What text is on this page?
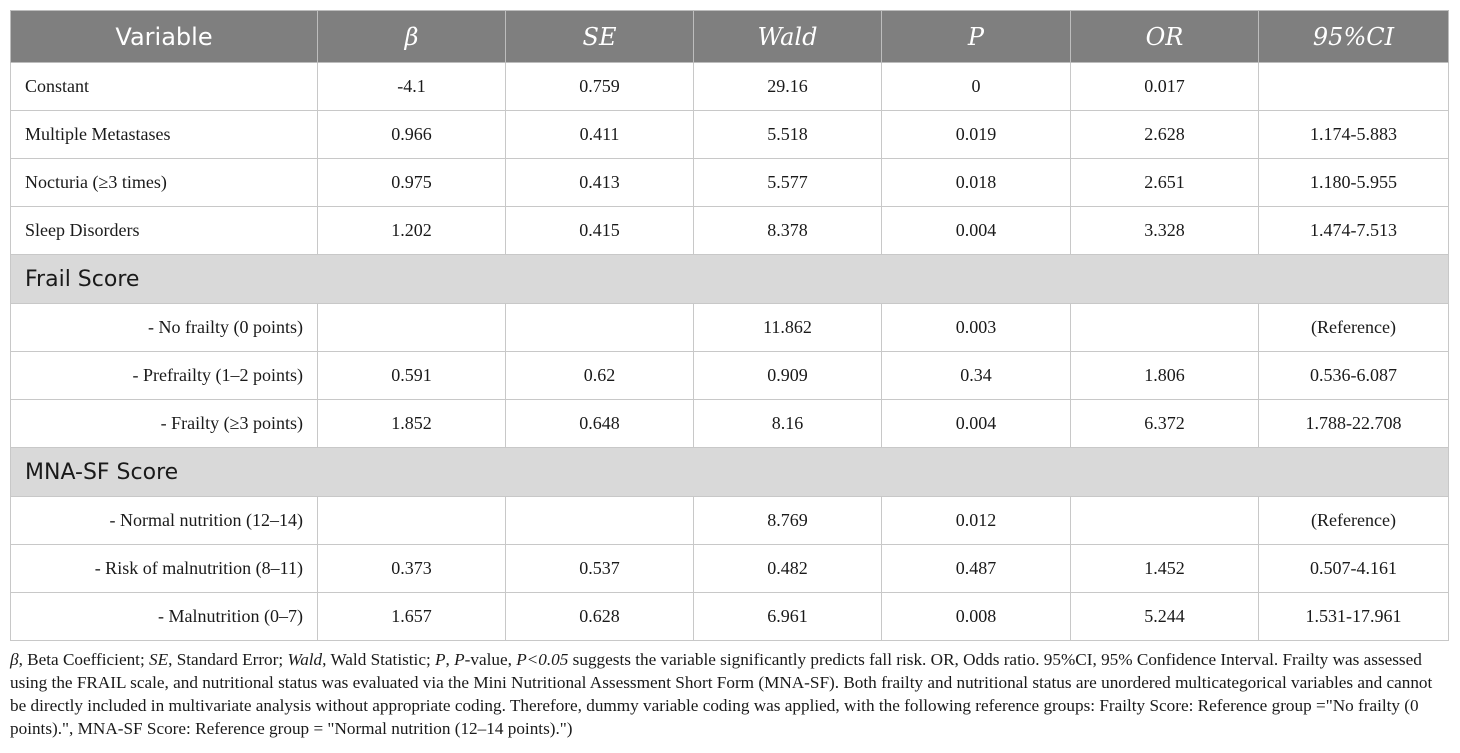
Variable	β	SE	Wald	P	OR	95%CI
Constant	-4.1	0.759	29.16	0	0.017	
Multiple Metastases	0.966	0.411	5.518	0.019	2.628	1.174-5.883
Nocturia (≥3 times)	0.975	0.413	5.577	0.018	2.651	1.180-5.955
Sleep Disorders	1.202	0.415	8.378	0.004	3.328	1.474-7.513
Frail Score						
- No frailty (0 points)			11.862	0.003		(Reference)
- Prefrailty (1–2 points)	0.591	0.62	0.909	0.34	1.806	0.536-6.087
- Frailty (≥3 points)	1.852	0.648	8.16	0.004	6.372	1.788-22.708
MNA-SF Score						
- Normal nutrition (12–14)			8.769	0.012		(Reference)
- Risk of malnutrition (8–11)	0.373	0.537	0.482	0.487	1.452	0.507-4.161
- Malnutrition (0–7)	1.657	0.628	6.961	0.008	5.244	1.531-17.961
β, Beta Coefficient; SE, Standard Error; Wald, Wald Statistic; P, P-value, P<0.05 suggests the variable significantly predicts fall risk. OR, Odds ratio. 95%CI, 95% Confidence Interval. Frailty was assessed using the FRAIL scale, and nutritional status was evaluated via the Mini Nutritional Assessment Short Form (MNA-SF). Both frailty and nutritional status are unordered multicategorical variables and cannot be directly included in multivariate analysis without appropriate coding. Therefore, dummy variable coding was applied, with the following reference groups: Frailty Score: Reference group ="No frailty (0 points).", MNA-SF Score: Reference group = "Normal nutrition (12–14 points).")
